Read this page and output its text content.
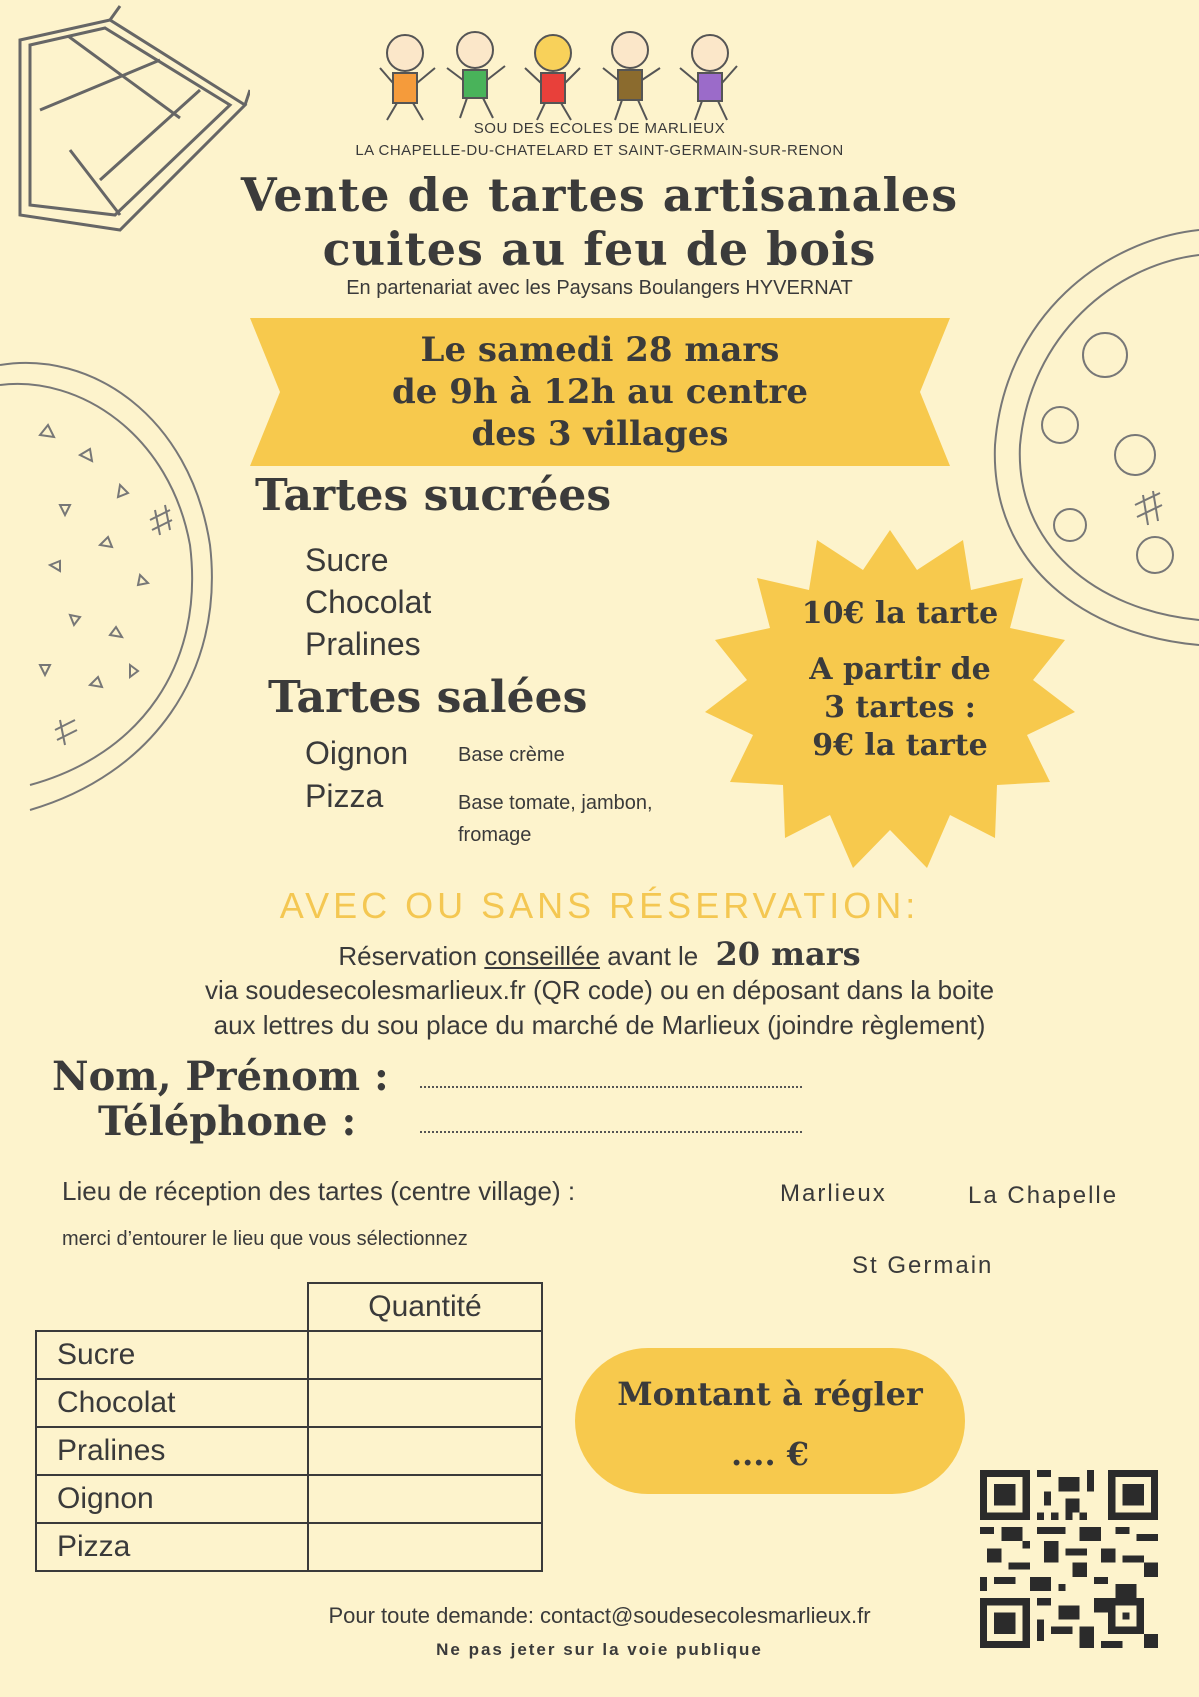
SOU DES ECOLES DE MARLIEUX
LA CHAPELLE-DU-CHATELARD ET SAINT-GERMAIN-SUR-RENON
Vente de tartes artisanales
cuites au feu de bois
En partenariat avec les Paysans Boulangers HYVERNAT
Le samedi 28 mars
de 9h à 12h au centre
des 3 villages
Tartes sucrées
Sucre
Chocolat
Pralines
Tartes salées
Oignon Base crème
Pizza	Base tomate, jambon,
fromage
10€ la tarte
A partir de
3 tartes :
9€ la tarte
AVEC OU SANS RÉSERVATION:
Réservation conseillée avant le 20 mars
via soudesecolesmarlieux.fr (QR code) ou en déposant dans la boite
aux lettres du sou place du marché de Marlieux (joindre règlement)
Nom, Prénom :
Téléphone :
Lieu de réception des tartes (centre village) :
merci d’entourer le lieu que vous sélectionnez
Marlieux	La Chapelle
St Germain
	Quantité
Sucre	
Chocolat	
Pralines	
Oignon	
Pizza	
Montant à régler
.... €
Pour toute demande: contact@soudesecolesmarlieux.fr
Ne pas jeter sur la voie publique
